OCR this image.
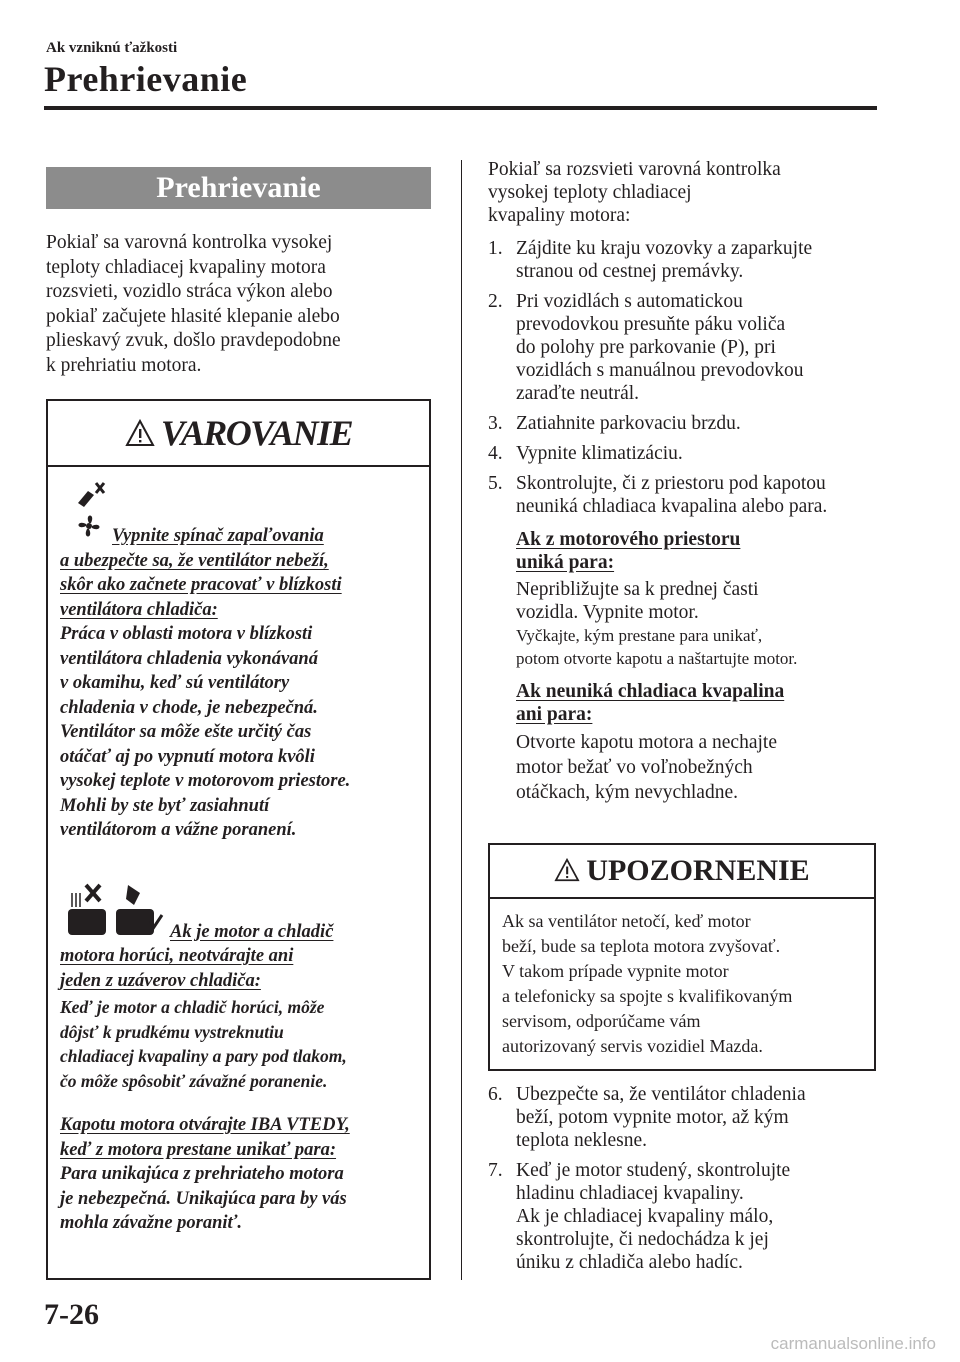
Ak vzniknú ťažkosti
Prehrievanie
Prehrievanie
Pokiaľ sa varovná kontrolka vysokej
teploty chladiacej kvapaliny motora
rozsvieti, vozidlo stráca výkon alebo
pokiaľ začujete hlasité klepanie alebo
plieskavý zvuk, došlo pravdepodobne
k prehriatiu motora.
VAROVANIE
Vypnite spínač zapaľovania
a ubezpečte sa, že ventilátor nebeží,
skôr ako začnete pracovať v blízkosti
ventilátora chladiča:
Práca v oblasti motora v blízkosti
ventilátora chladenia vykonávaná
v okamihu, keď sú ventilátory
chladenia v chode, je nebezpečná.
Ventilátor sa môže ešte určitý čas
otáčať aj po vypnutí motora kvôli
vysokej teplote v motorovom priestore.
Mohli by ste byť zasiahnutí
ventilátorom a vážne poranení.
Ak je motor a chladič
motora horúci, neotvárajte ani
jeden z uzáverov chladiča:
Keď je motor a chladič horúci, môže
dôjsť k prudkému vystreknutiu
chladiacej kvapaliny a pary pod tlakom,
čo môže spôsobiť závažné poranenie.
Kapotu motora otvárajte IBA VTEDY,
keď z motora prestane unikať para:
Para unikajúca z prehriateho motora
je nebezpečná. Unikajúca para by vás
mohla závažne poraniť.

Pokiaľ sa rozsvieti varovná kontrolka
vysokej teploty chladiacej
kvapaliny motora:

1. Zájdite ku kraju vozovky a zaparkujte
stranou od cestnej premávky.
2. Pri vozidlách s automatickou
prevodovkou presuňte páku voliča
do polohy pre parkovanie (P), pri
vozidlách s manuálnou prevodovkou
zaraďte neutrál.
3. Zatiahnite parkovaciu brzdu.
4. Vypnite klimatizáciu.
5. Skontrolujte, či z priestoru pod kapotou
neuniká chladiaca kvapalina alebo para.
Ak z motorového priestoru
uniká para:
Nepribližujte sa k prednej časti
vozidla. Vypnite motor.
Vyčkajte, kým prestane para unikať,
potom otvorte kapotu a naštartujte motor.
Ak neuniká chladiaca kvapalina
ani para:
Otvorte kapotu motora a nechajte
motor bežať vo voľnobežných
otáčkach, kým nevychladne.
UPOZORNENIE
Ak sa ventilátor netočí, keď motor
beží, bude sa teplota motora zvyšovať.
V takom prípade vypnite motor
a telefonicky sa spojte s kvalifikovaným
servisom, odporúčame vám
autorizovaný servis vozidiel Mazda.
6. Ubezpečte sa, že ventilátor chladenia
beží, potom vypnite motor, až kým
teplota neklesne.
7. Keď je motor studený, skontrolujte
hladinu chladiacej kvapaliny.
Ak je chladiacej kvapaliny málo,
skontrolujte, či nedochádza k jej
úniku z chladiča alebo hadíc.
7-26
carmanualsonline.info
